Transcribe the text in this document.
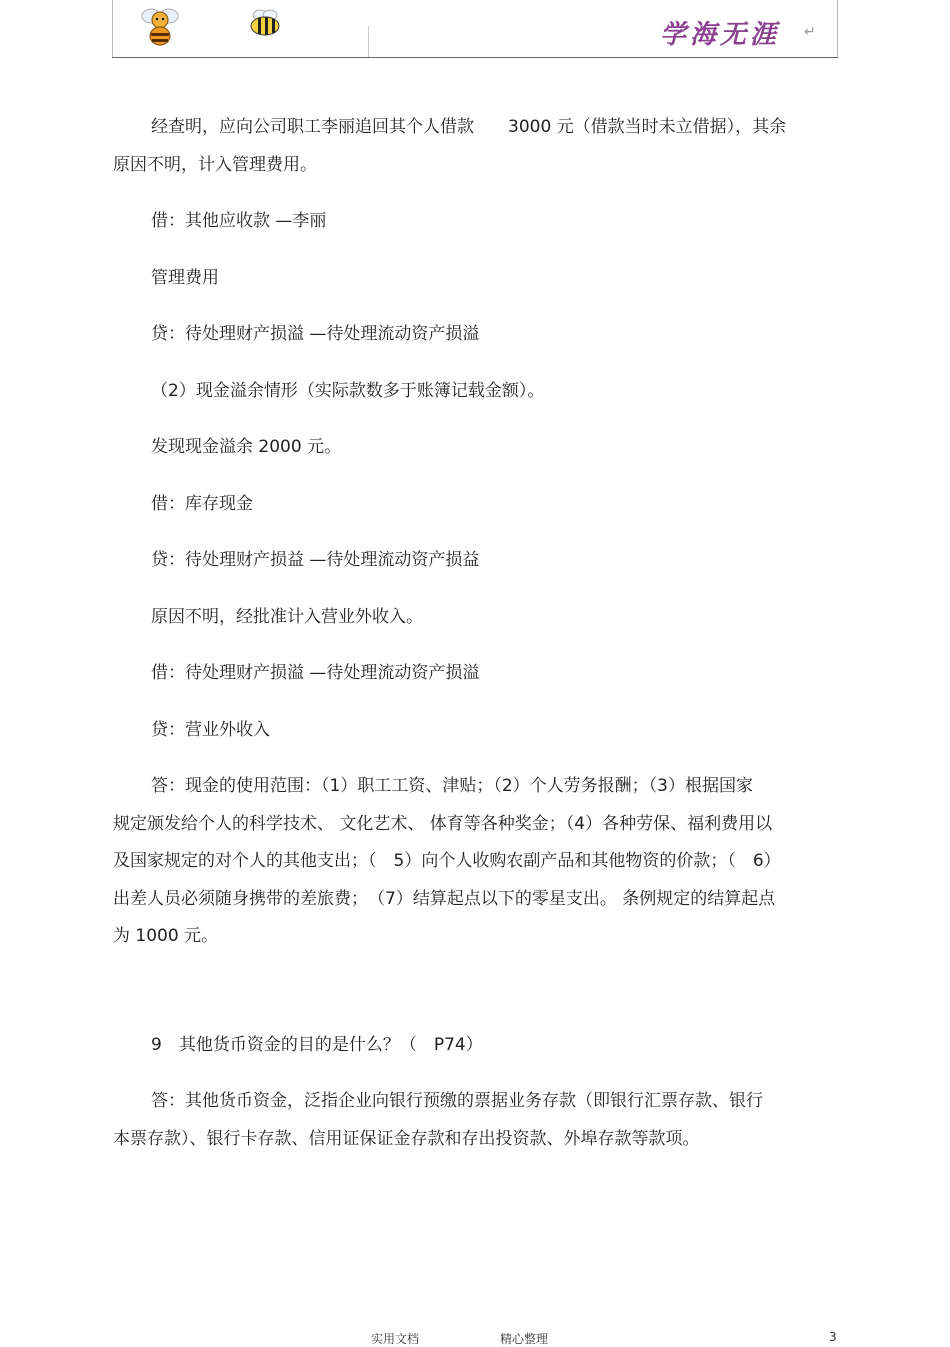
学海无涯 ↵
经查明，应向公司职工李丽追回其个人借款　　3000 元（借款当时未立借据），其余
原因不明，计入管理费用。
借：其他应收款 —李丽
管理费用
贷：待处理财产损溢 —待处理流动资产损溢
（2）现金溢余情形（实际款数多于账簿记载金额）。
发现现金溢余 2000 元。
借：库存现金
贷：待处理财产损益 —待处理流动资产损益
原因不明，经批准计入营业外收入。
借：待处理财产损溢 —待处理流动资产损溢
贷：营业外收入
答：现金的使用范围：（1）职工工资、津贴；（2）个人劳务报酬；（3）根据国家
规定颁发给个人的科学技术、 文化艺术、 体育等各种奖金；（4）各种劳保、福利费用以
及国家规定的对个人的其他支出；（　5）向个人收购农副产品和其他物资的价款；（　6）
出差人员必须随身携带的差旅费；　（7）结算起点以下的零星支出。 条例规定的结算起点
为 1000 元。
9　其他货币资金的目的是什么？（　P74）
答：其他货币资金，泛指企业向银行预缴的票据业务存款（即银行汇票存款、银行
本票存款）、银行卡存款、信用证保证金存款和存出投资款、外埠存款等款项。
实用文档	精心整理	3
